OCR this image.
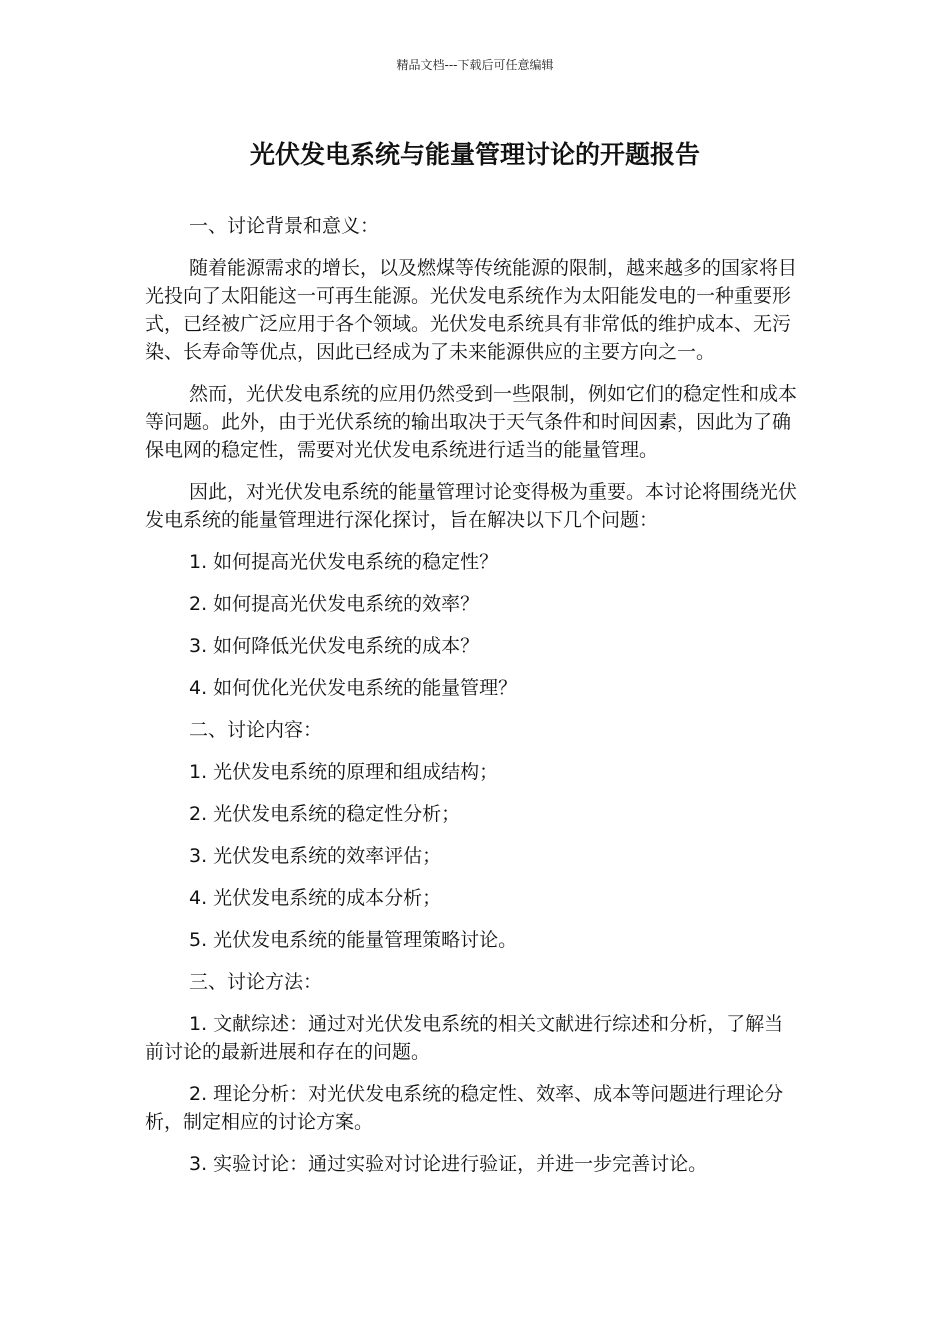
精品文档---下载后可任意编辑
光伏发电系统与能量管理讨论的开题报告

一、讨论背景和意义：

随着能源需求的增长，以及燃煤等传统能源的限制，越来越多的国家将目光投向了太阳能这一可再生能源。光伏发电系统作为太阳能发电的一种重要形式，已经被广泛应用于各个领域。光伏发电系统具有非常低的维护成本、无污染、长寿命等优点，因此已经成为了未来能源供应的主要方向之一。

然而，光伏发电系统的应用仍然受到一些限制，例如它们的稳定性和成本等问题。此外，由于光伏系统的输出取决于天气条件和时间因素，因此为了确保电网的稳定性，需要对光伏发电系统进行适当的能量管理。

因此，对光伏发电系统的能量管理讨论变得极为重要。本讨论将围绕光伏发电系统的能量管理进行深化探讨，旨在解决以下几个问题：

1. 如何提高光伏发电系统的稳定性？

2. 如何提高光伏发电系统的效率？

3. 如何降低光伏发电系统的成本？

4. 如何优化光伏发电系统的能量管理？

二、讨论内容：

1. 光伏发电系统的原理和组成结构；

2. 光伏发电系统的稳定性分析；

3. 光伏发电系统的效率评估；

4. 光伏发电系统的成本分析；

5. 光伏发电系统的能量管理策略讨论。

三、讨论方法：

1. 文献综述：通过对光伏发电系统的相关文献进行综述和分析，了解当前讨论的最新进展和存在的问题。

2. 理论分析：对光伏发电系统的稳定性、效率、成本等问题进行理论分析，制定相应的讨论方案。

3. 实验讨论：通过实验对讨论进行验证，并进一步完善讨论。
